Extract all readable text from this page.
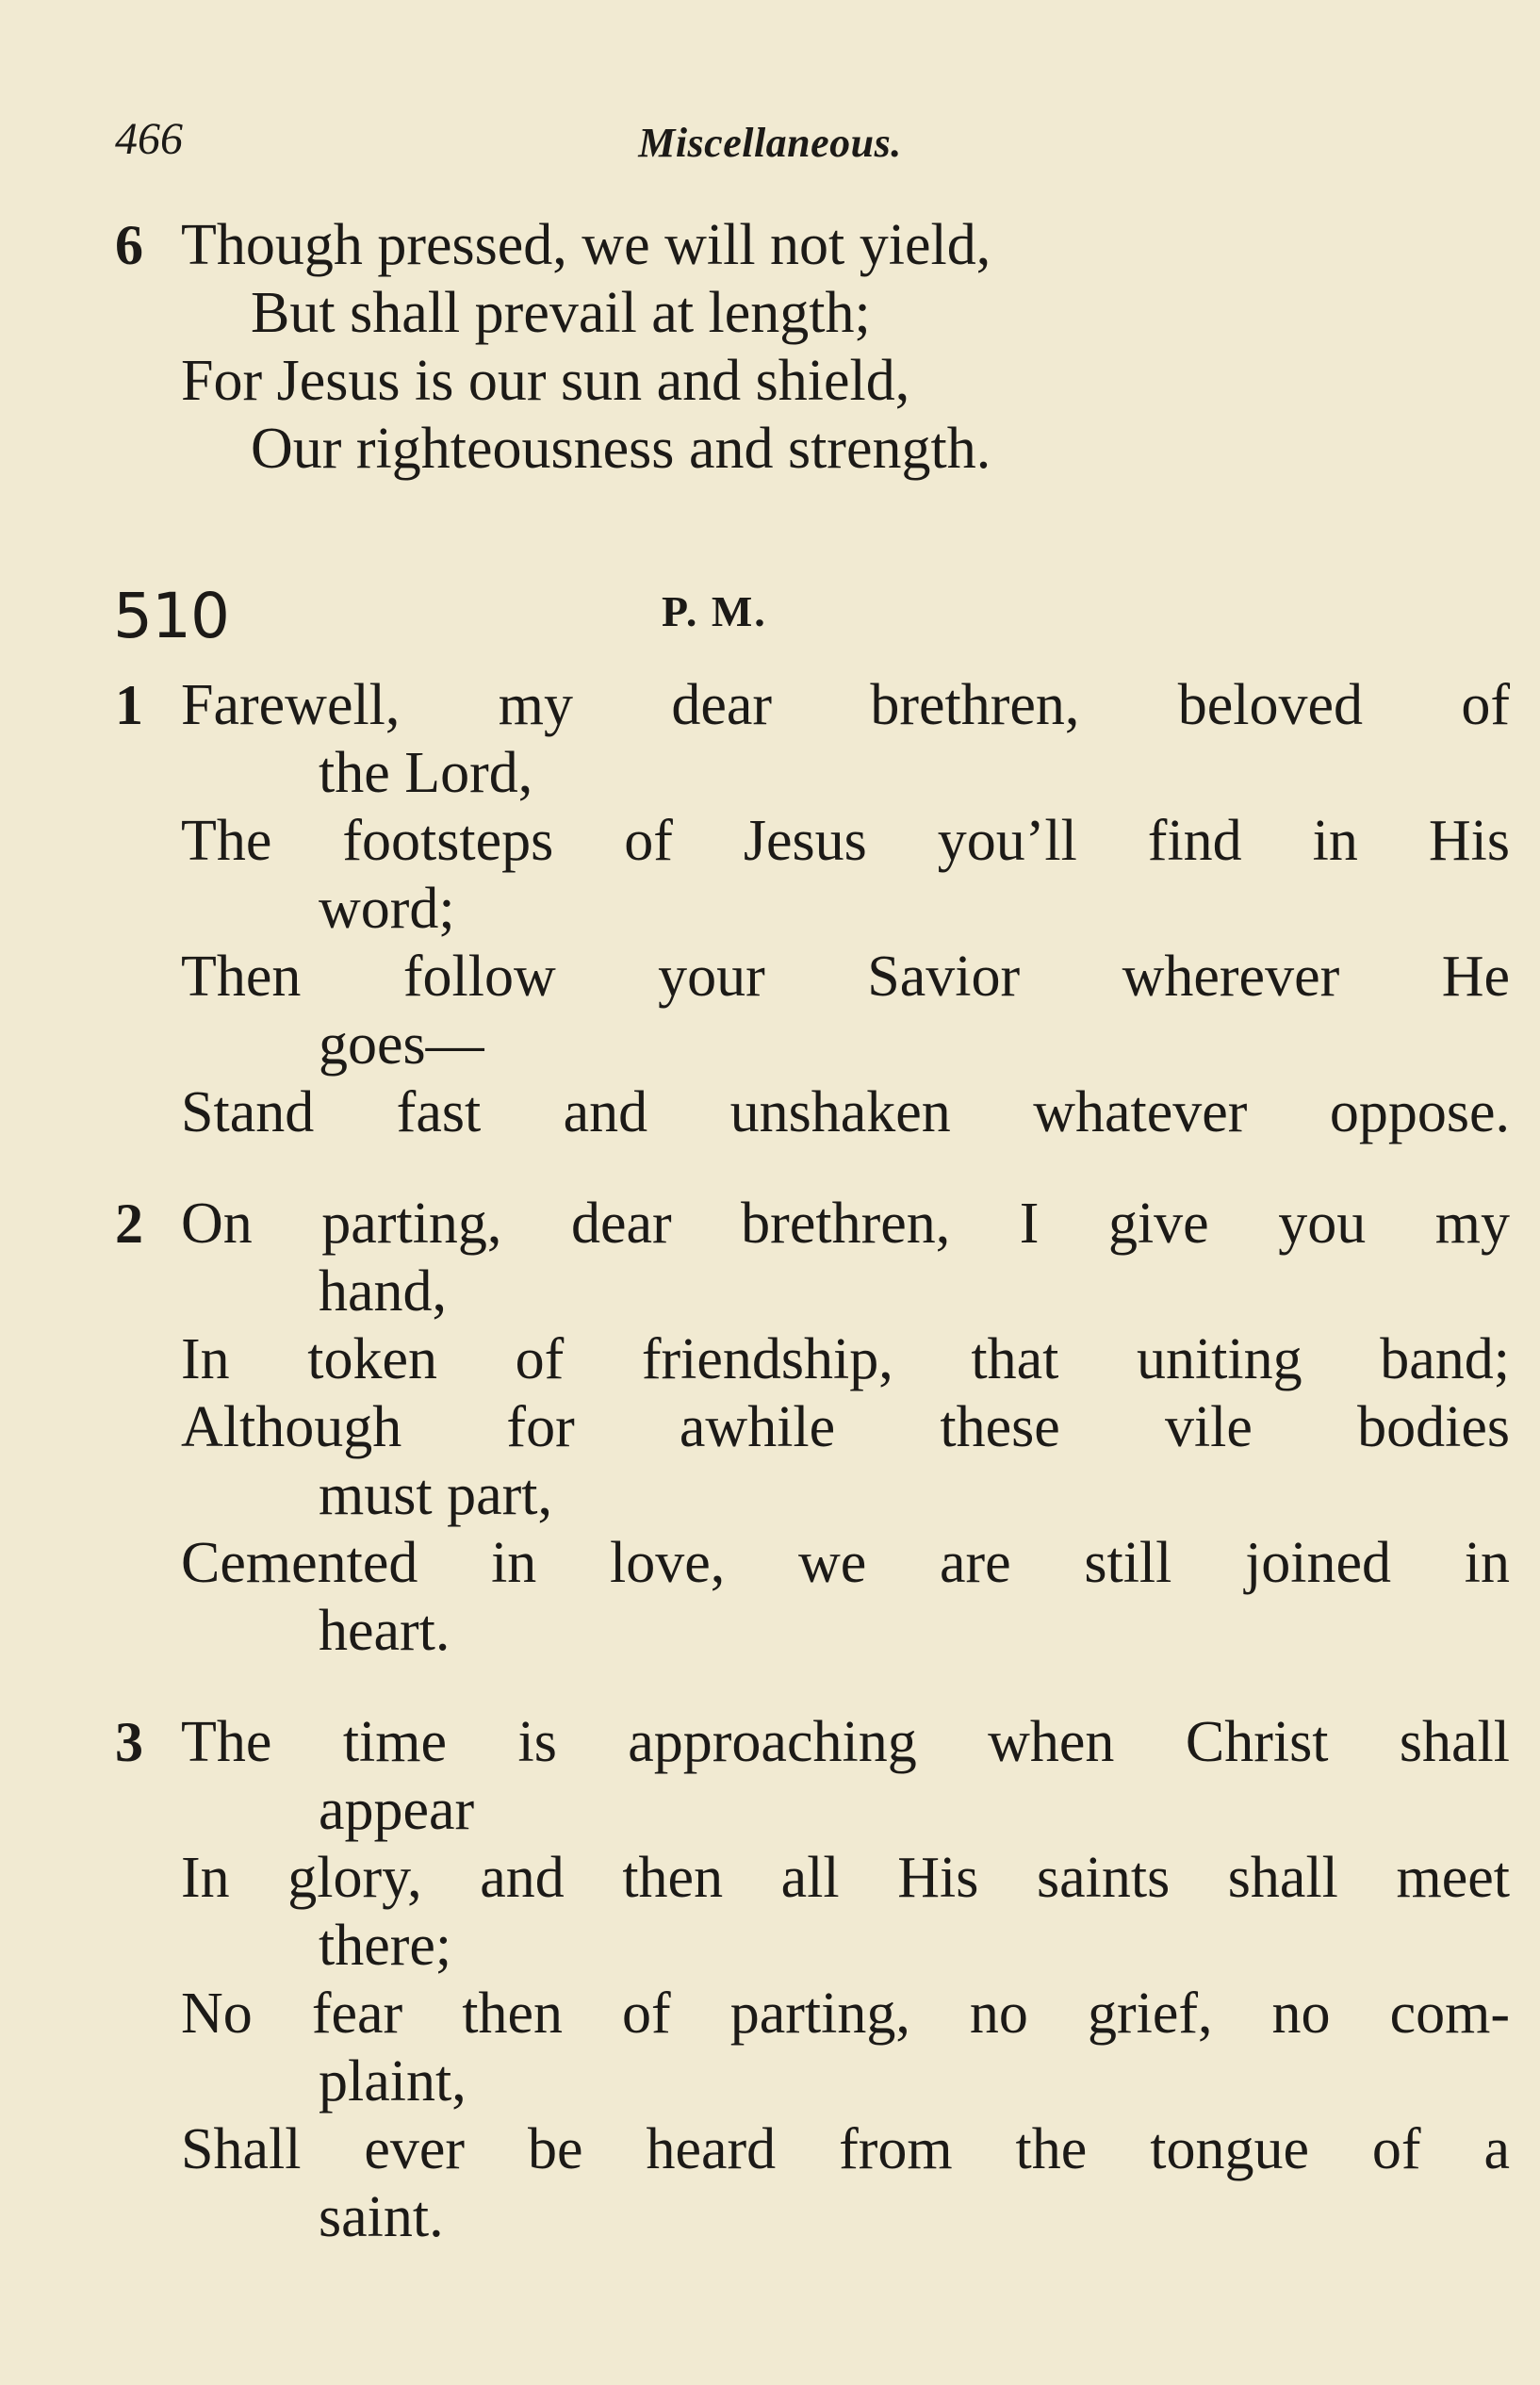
466	Miscellaneous.
6 Though pressed, we will not yield,
But shall prevail at length;
For Jesus is our sun and shield,
Our righteousness and strength.
510	P. M.
1 Farewell, my dear brethren, beloved of
the Lord,
The footsteps of Jesus you’ll find in His
word;
Then follow your Savior wherever He
goes—
Stand fast and unshaken whatever oppose.
2 On parting, dear brethren, I give you my
hand,
In token of friendship, that uniting band;
Although for awhile these vile bodies
must part,
Cemented in love, we are still joined in
heart.
3 The time is approaching when Christ shall
appear
In glory, and then all His saints shall meet
there;
No fear then of parting, no grief, no com-
plaint,
Shall ever be heard from the tongue of a
saint.
